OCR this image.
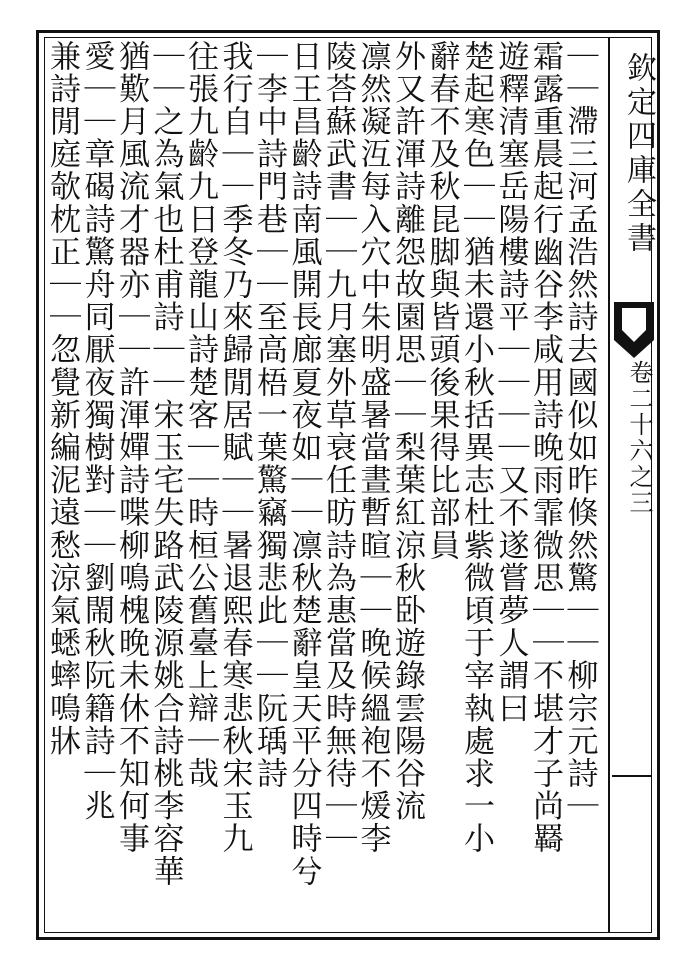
欽定四庫全書
卷二十六之三
｜｜滯三河孟浩然詩去國似如昨倏然驚｜｜柳宗元詩｜
霜露重晨起行幽谷李咸用詩晚雨霏微思｜｜不堪才子尚羇
遊釋清塞岳陽樓詩平｜｜｜｜又不遂嘗夢人謂曰
楚起寒色｜｜猶未還小秋括異志杜紫微頃于宰執處求一小
辭春不及秋昆脚與皆頭後果得比部員
外又許渾詩離怨故園思｜｜梨葉紅涼秋卧遊錄雲陽谷流
凛然凝沍每入穴中朱明盛暑當晝暫暄｜｜晚候縕袍不煖李
陵荅蘇武書｜｜九月塞外草衰任昉詩為惠當及時無待｜｜
日王昌齡詩南風開長廊夏夜如｜｜凛秋楚辭皇天平分四時兮
｜李中詩門巷｜｜至高梧一葉驚竊獨悲此｜｜阮瑀詩
我行自｜｜季冬乃來歸閒居賦｜｜暑退熙春寒悲秋宋玉九
往張九齡九日登龍山詩楚客｜｜時桓公舊臺上辯｜哉
｜｜之為氣也杜甫詩｜｜宋玉宅失路武陵源姚合詩桃李容華
猶歎月風流才器亦｜｜許渾嬋詩喋柳鳴槐晚未休不知何事
愛｜｜章碣詩驚舟同厭夜獨樹對｜｜劉閙秋阮籍詩｜兆
兼詩閒庭欹枕正｜｜忽覺新編泥遠愁涼氣蟋蟀鳴牀
